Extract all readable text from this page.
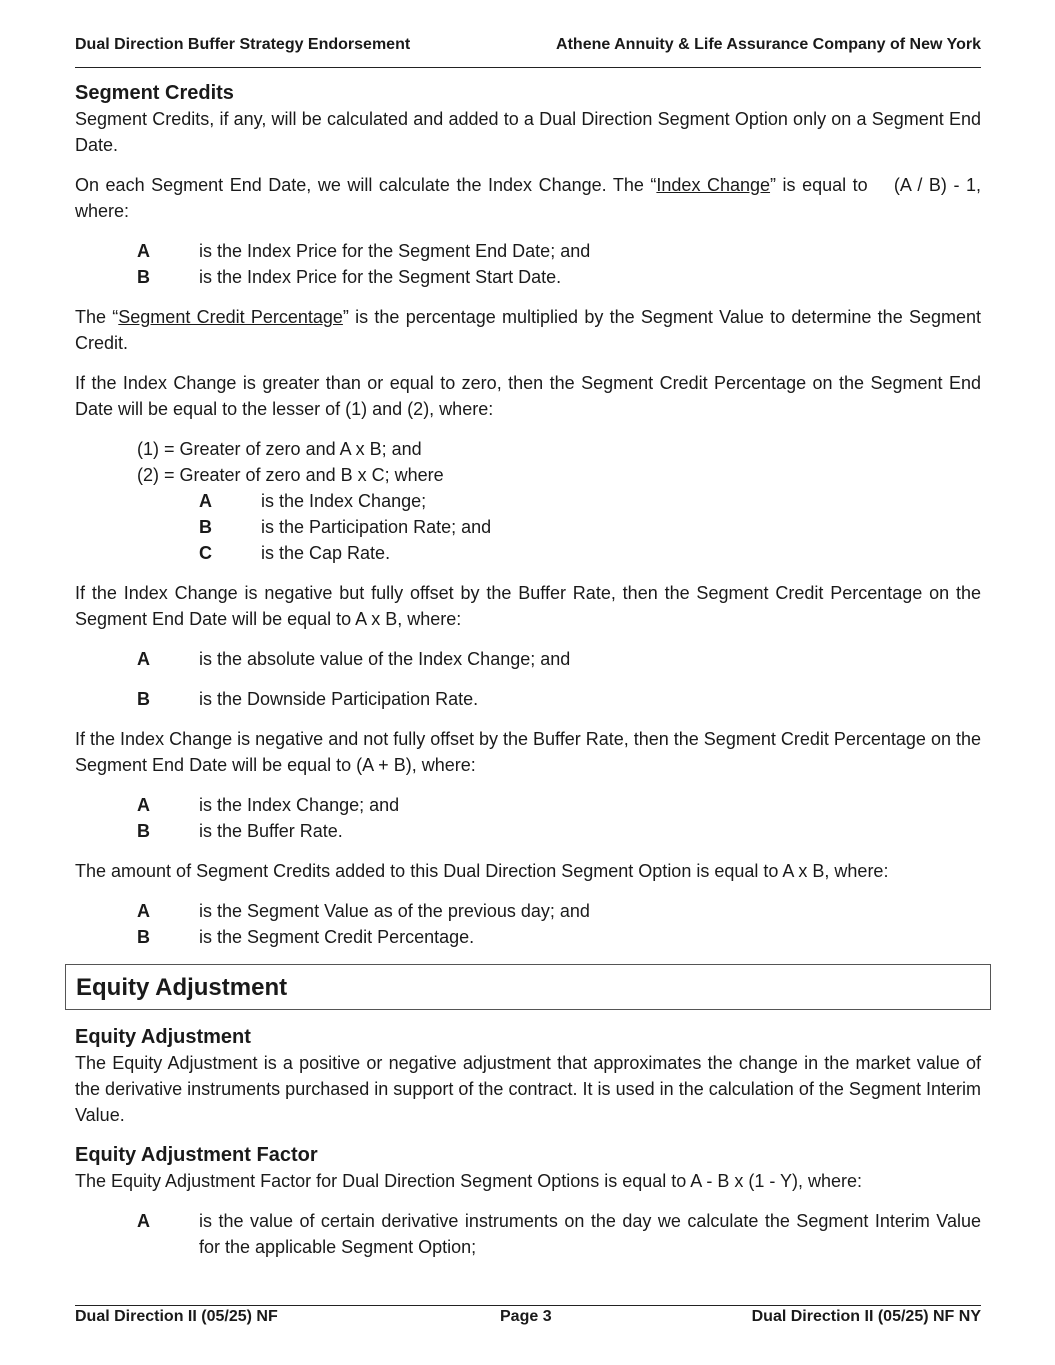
Dual Direction Buffer Strategy Endorsement	Athene Annuity & Life Assurance Company of New York
Segment Credits

Segment Credits, if any, will be calculated and added to a Dual Direction Segment Option only on a Segment End Date.

On each Segment End Date, we will calculate the Index Change. The “Index Change” is equal to    (A / B) - 1, where:

A	is the Index Price for the Segment End Date; and
B	is the Index Price for the Segment Start Date.

The “Segment Credit Percentage” is the percentage multiplied by the Segment Value to determine the Segment Credit.

If the Index Change is greater than or equal to zero, then the Segment Credit Percentage on the Segment End Date will be equal to the lesser of (1) and (2), where:

(1) = Greater of zero and A x B; and

(2) = Greater of zero and B x C; where

A	is the Index Change;
B	is the Participation Rate; and
C	is the Cap Rate.

If the Index Change is negative but fully offset by the Buffer Rate, then the Segment Credit Percentage on the Segment End Date will be equal to A x B, where:

A	is the absolute value of the Index Change; and
B	is the Downside Participation Rate.

If the Index Change is negative and not fully offset by the Buffer Rate, then the Segment Credit Percentage on the Segment End Date will be equal to (A + B), where:

A	is the Index Change; and
B	is the Buffer Rate.

The amount of Segment Credits added to this Dual Direction Segment Option is equal to A x B, where:

A	is the Segment Value as of the previous day; and
B	is the Segment Credit Percentage.
Equity Adjustment
Equity Adjustment

The Equity Adjustment is a positive or negative adjustment that approximates the change in the market value of the derivative instruments purchased in support of the contract. It is used in the calculation of the Segment Interim Value.

Equity Adjustment Factor

The Equity Adjustment Factor for Dual Direction Segment Options is equal to A - B x (1 - Y), where:

A	is the value of certain derivative instruments on the day we calculate the Segment Interim Value for the applicable Segment Option;
Dual Direction II (05/25) NF	Page 3	Dual Direction II (05/25) NF NY
